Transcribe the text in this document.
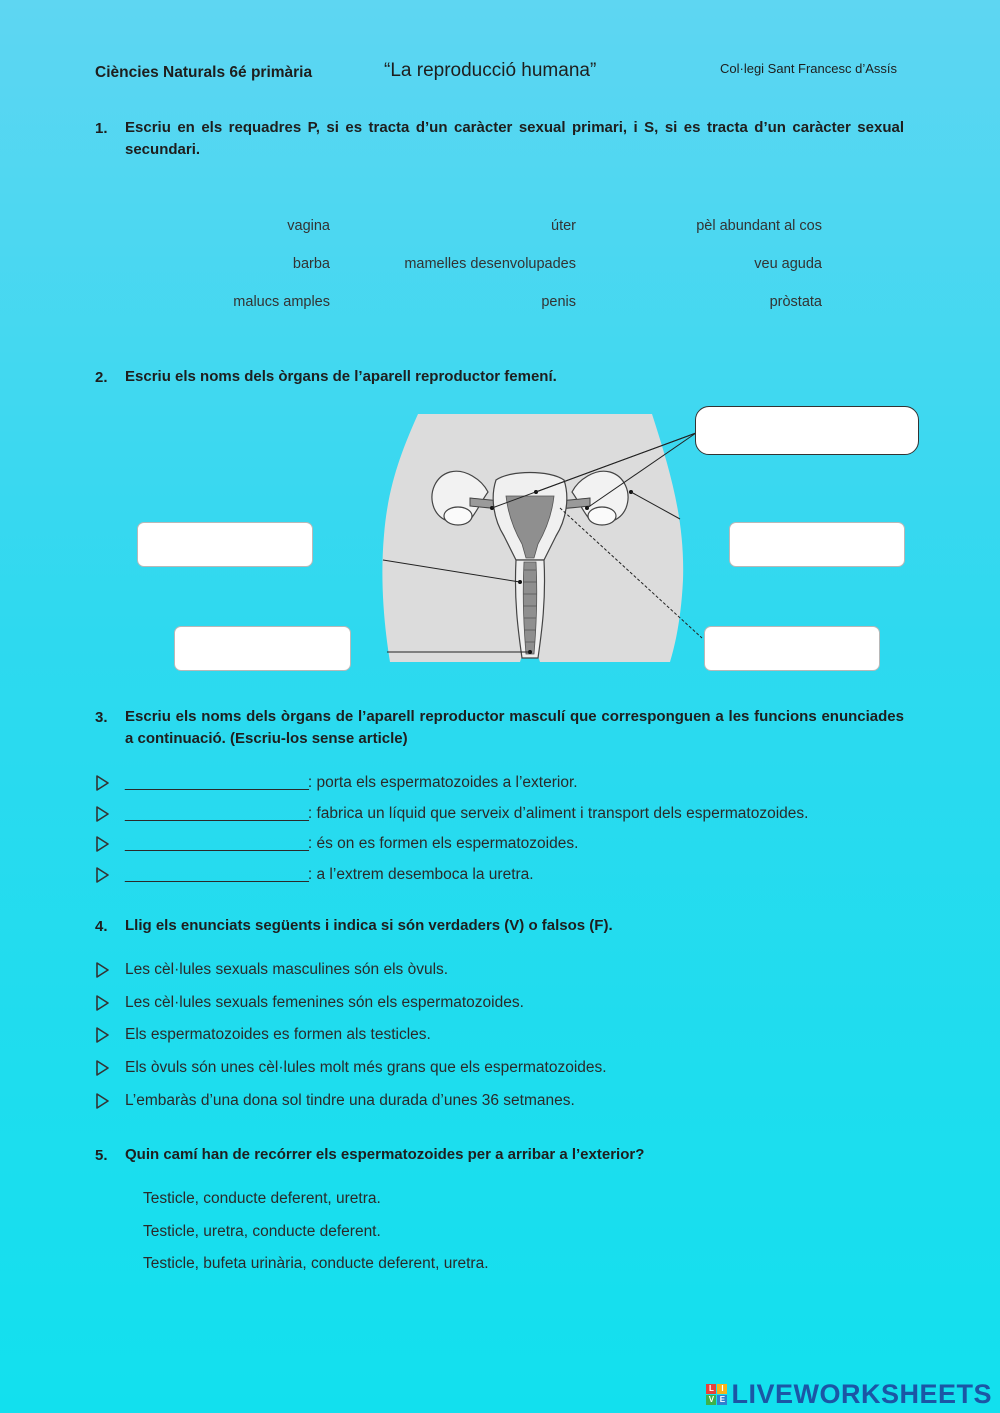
Ciències Naturals 6é primària	“La reproducció humana”	Col·legi Sant Francesc d’Assís
1. Escriu en els requadres P, si es tracta d’un caràcter sexual primari, i S, si es tracta d’un caràcter sexual secundari.
vagina	úter	pèl abundant al cos
barba	mamelles desenvolupades	veu aguda
malucs amples	penis	pròstata
2. Escriu els noms dels òrgans de l’aparell reproductor femení.
3. Escriu els noms dels òrgans de l’aparell reproductor masculí que corresponguen a les funcions enunciades a continuació. (Escriu-los sense article)
________________________: porta els espermatozoides a l’exterior.
________________________: fabrica un líquid que serveix d’aliment i transport dels espermatozoides.
________________________: és on es formen els espermatozoides.
________________________: a l’extrem desemboca la uretra.
4. Llig els enunciats següents i indica si són verdaders (V) o falsos (F).
Les cèl·lules sexuals masculines són els òvuls.
Les cèl·lules sexuals femenines són els espermatozoides.
Els espermatozoides es formen als testicles.
Els òvuls són unes cèl·lules molt més grans que els espermatozoides.
L’embaràs d’una dona sol tindre una durada d’unes 36 setmanes.
5. Quin camí han de recórrer els espermatozoides per a arribar a l’exterior?
Testicle, conducte deferent, uretra.
Testicle, uretra, conducte deferent.
Testicle, bufeta urinària, conducte deferent, uretra.
L I
V E LIVEWORKSHEETS
